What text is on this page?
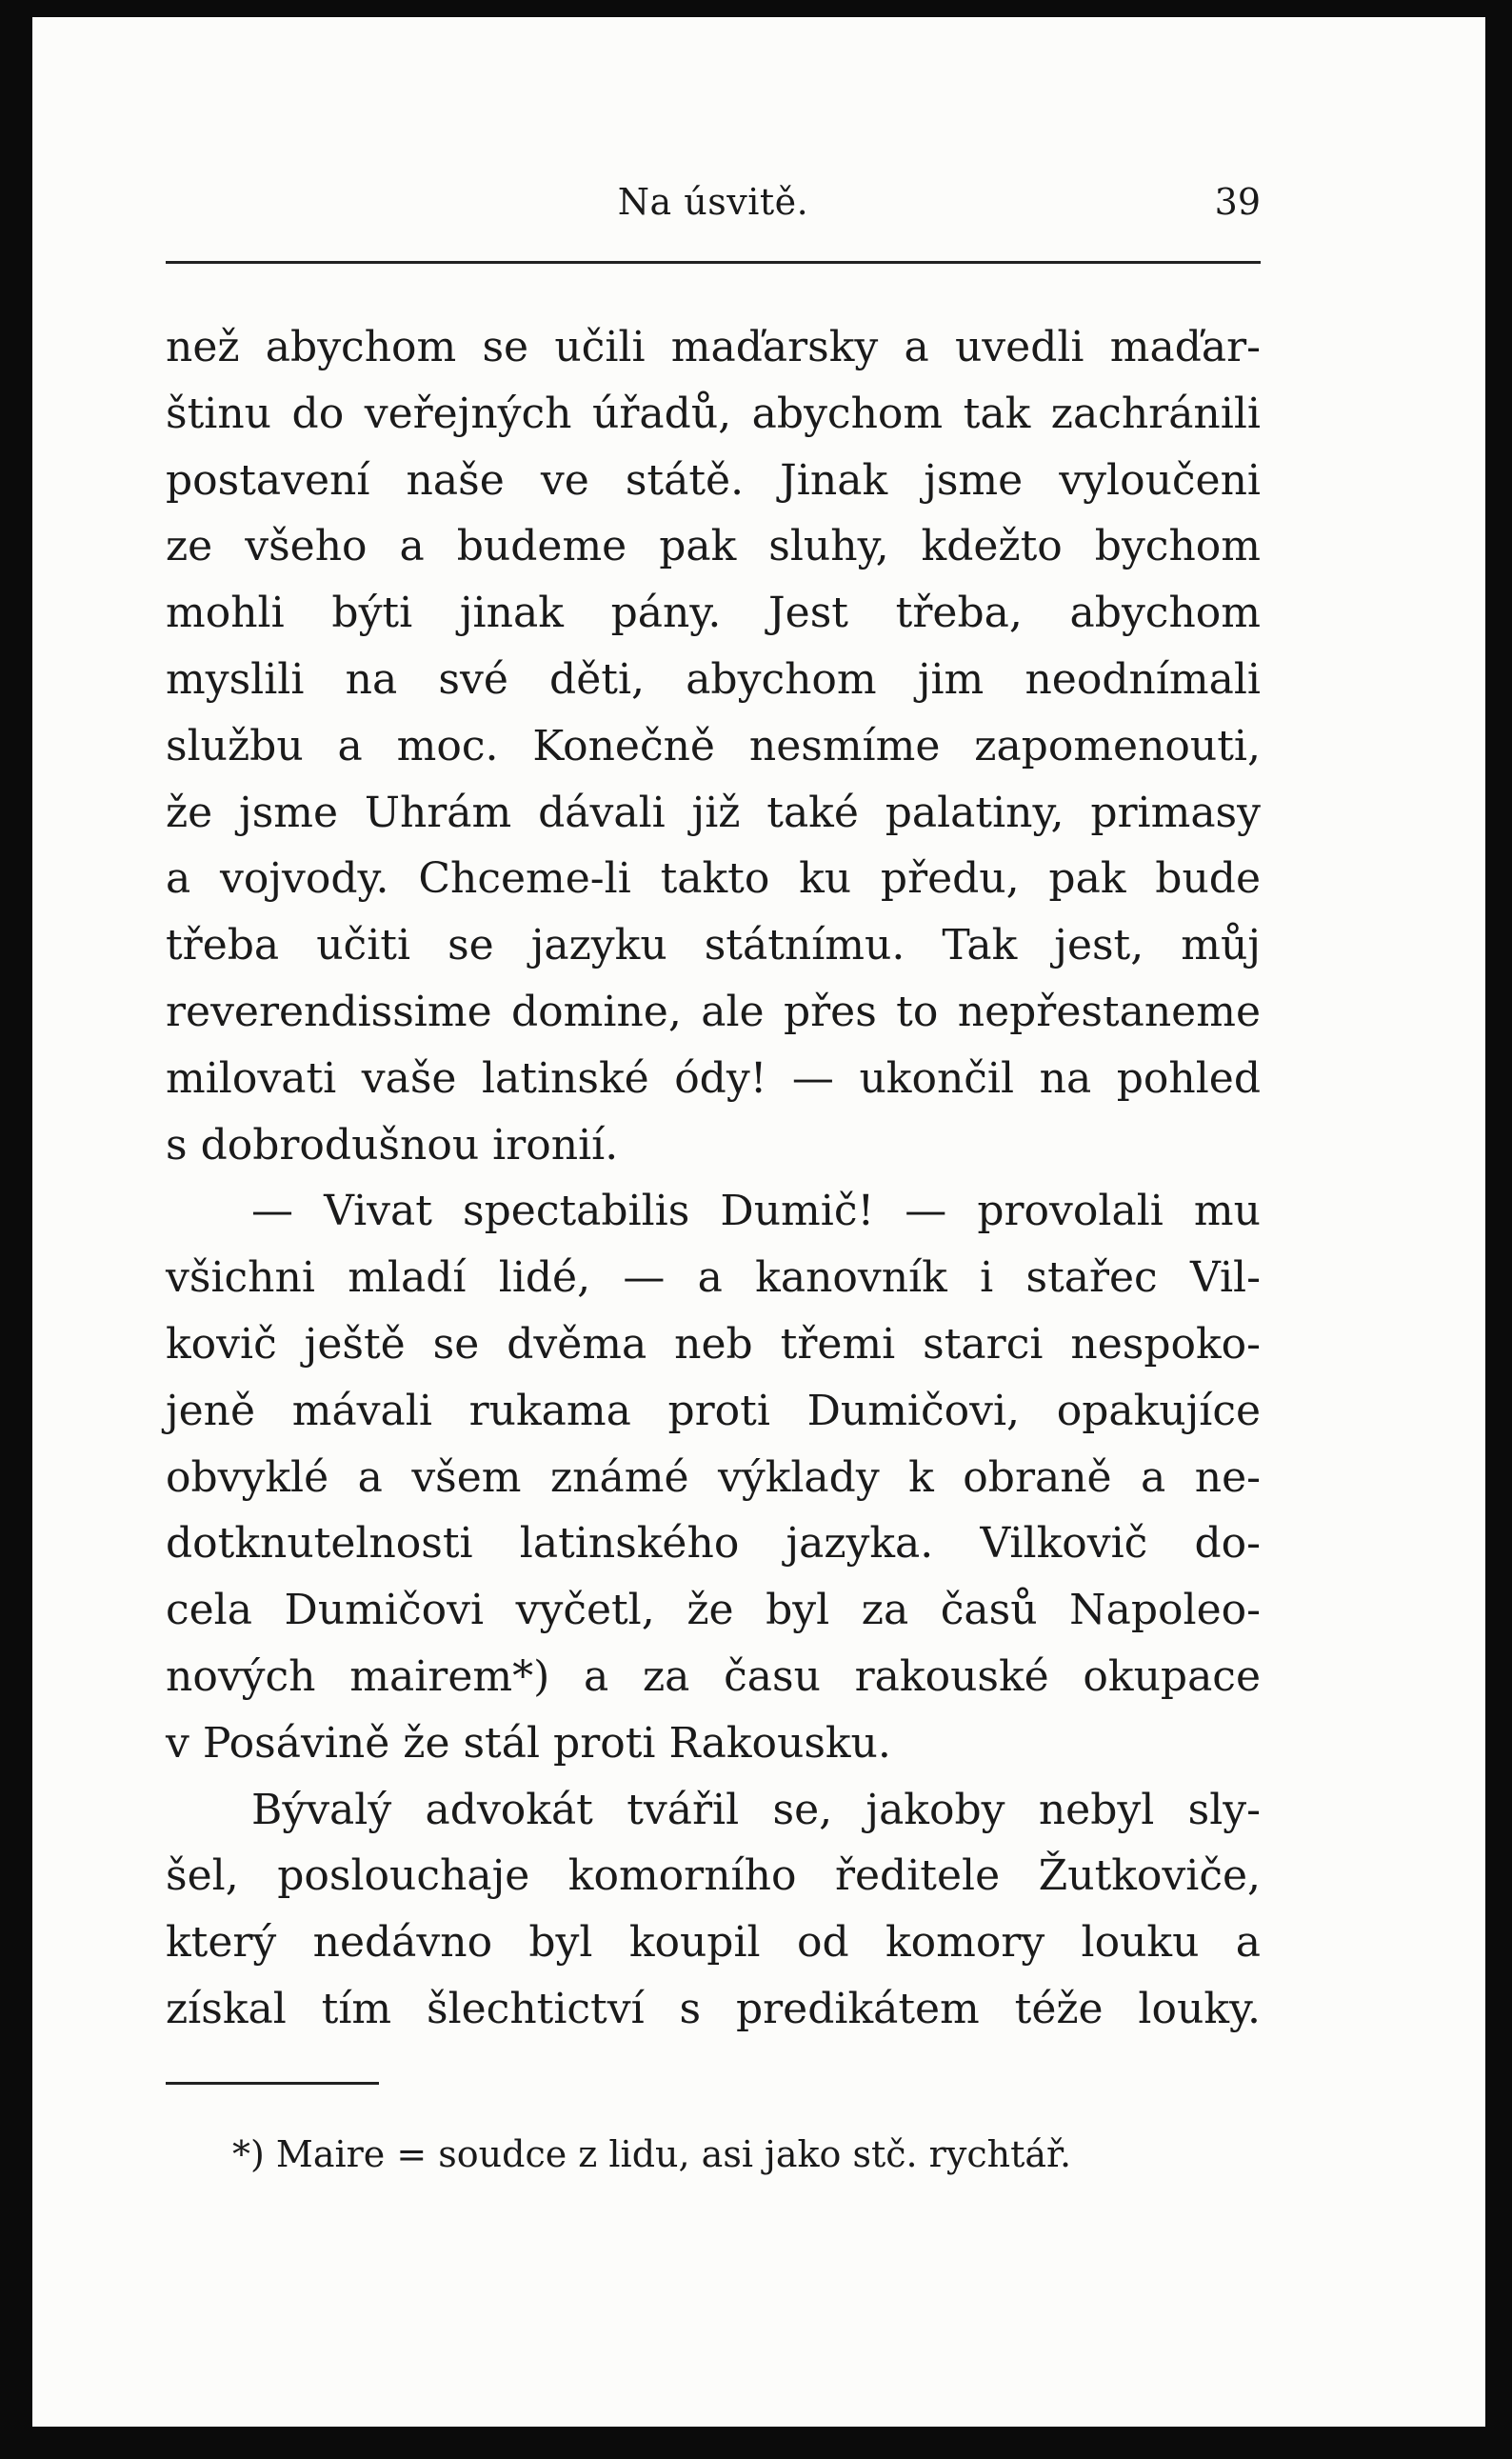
Na úsvitě.	39
než abychom se učili maďarsky a uvedli maďar-
štinu do veřejných úřadů, abychom tak zachránili
postavení naše ve státě. Jinak jsme vyloučeni
ze všeho a budeme pak sluhy, kdežto bychom
mohli býti jinak pány. Jest třeba, abychom
myslili na své děti, abychom jim neodnímali
službu a moc. Konečně nesmíme zapomenouti,
že jsme Uhrám dávali již také palatiny, primasy
a vojvody. Chceme-li takto ku předu, pak bude
třeba učiti se jazyku státnímu. Tak jest, můj
reverendissime domine, ale přes to nepřestaneme
milovati vaše latinské ódy! — ukončil na pohled
s dobrodušnou ironií.
— Vivat spectabilis Dumič! — provolali mu
všichni mladí lidé, — a kanovník i stařec Vil-
kovič ještě se dvěma neb třemi starci nespoko-
jeně mávali rukama proti Dumičovi, opakujíce
obvyklé a všem známé výklady k obraně a ne-
dotknutelnosti latinského jazyka. Vilkovič do-
cela Dumičovi vyčetl, že byl za časů Napoleo-
nových mairem*) a za času rakouské okupace
v Posávině že stál proti Rakousku.
Bývalý advokát tvářil se, jakoby nebyl sly-
šel, poslouchaje komorního ředitele Žutkoviče,
který nedávno byl koupil od komory louku a
získal tím šlechtictví s predikátem téže louky.
*) Maire = soudce z lidu, asi jako stč. rychtář.
